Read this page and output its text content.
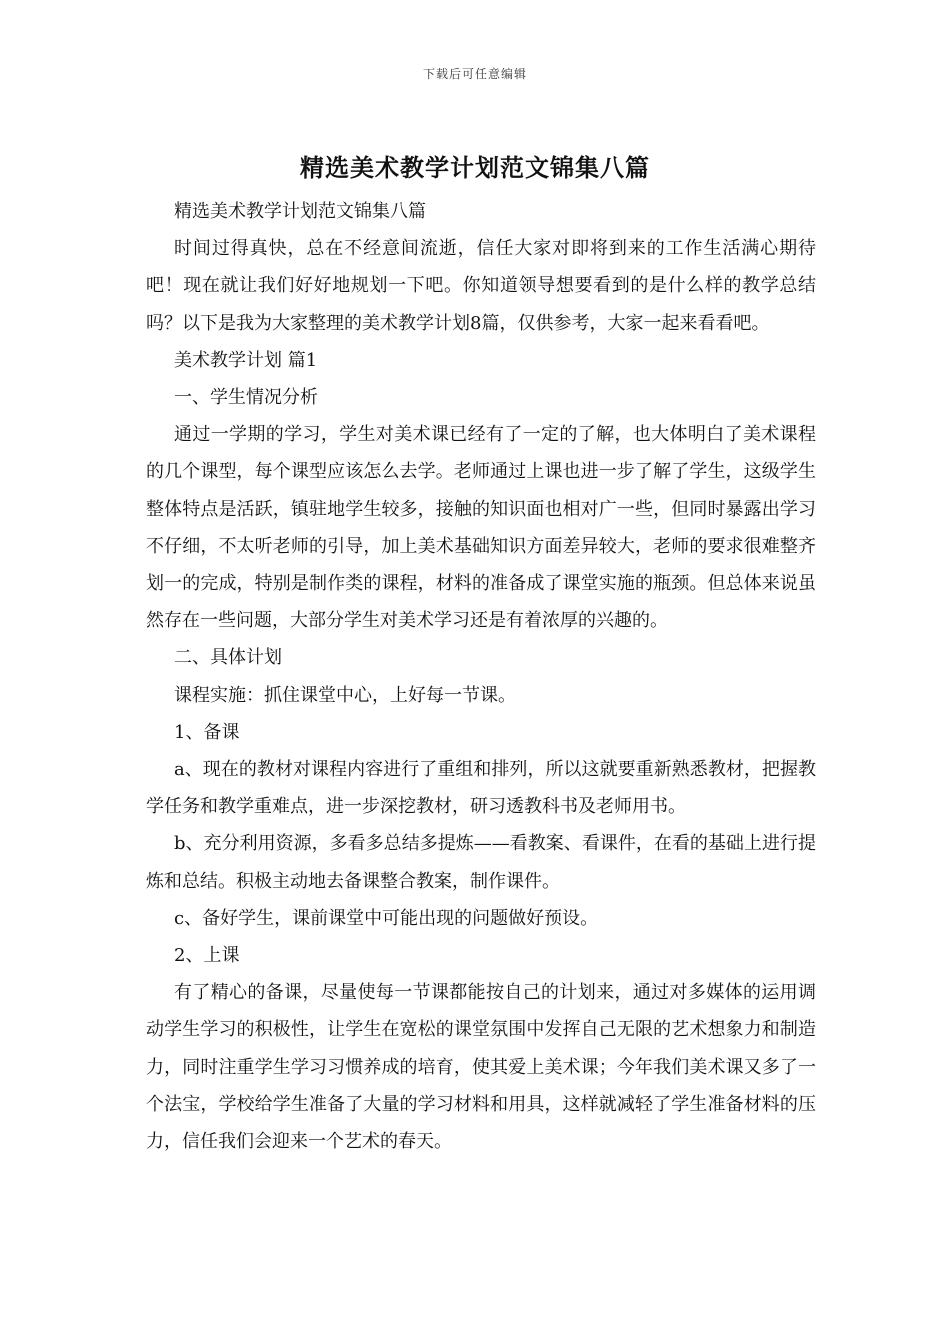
下载后可任意编辑
精选美术教学计划范文锦集八篇

精选美术教学计划范文锦集八篇

时间过得真快，总在不经意间流逝，信任大家对即将到来的工作生活满心期待吧！现在就让我们好好地规划一下吧。你知道领导想要看到的是什么样的教学总结吗？以下是我为大家整理的美术教学计划8篇，仅供参考，大家一起来看看吧。

美术教学计划 篇1

一、学生情况分析

通过一学期的学习，学生对美术课已经有了一定的了解，也大体明白了美术课程的几个课型，每个课型应该怎么去学。老师通过上课也进一步了解了学生，这级学生整体特点是活跃，镇驻地学生较多，接触的知识面也相对广一些，但同时暴露出学习不仔细，不太听老师的引导，加上美术基础知识方面差异较大，老师的要求很难整齐划一的完成，特别是制作类的课程，材料的准备成了课堂实施的瓶颈。但总体来说虽然存在一些问题，大部分学生对美术学习还是有着浓厚的兴趣的。

二、具体计划

课程实施：抓住课堂中心，上好每一节课。

1、备课

a、现在的教材对课程内容进行了重组和排列，所以这就要重新熟悉教材，把握教学任务和教学重难点，进一步深挖教材，研习透教科书及老师用书。

b、充分利用资源，多看多总结多提炼——看教案、看课件，在看的基础上进行提炼和总结。积极主动地去备课整合教案，制作课件。

c、备好学生，课前课堂中可能出现的问题做好预设。

2、上课

有了精心的备课，尽量使每一节课都能按自己的计划来，通过对多媒体的运用调动学生学习的积极性，让学生在宽松的课堂氛围中发挥自己无限的艺术想象力和制造力，同时注重学生学习习惯养成的培育，使其爱上美术课；今年我们美术课又多了一个法宝，学校给学生准备了大量的学习材料和用具，这样就减轻了学生准备材料的压力，信任我们会迎来一个艺术的春天。
